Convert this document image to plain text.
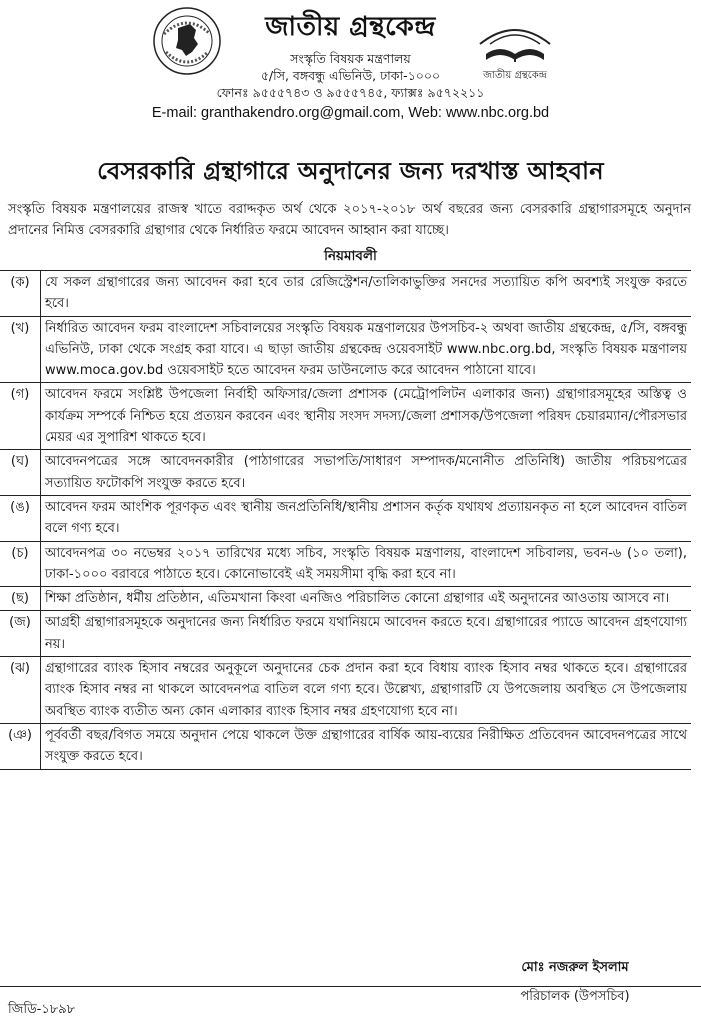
জাতীয় গ্রন্থকেন্দ্র

সংস্কৃতি বিষয়ক মন্ত্রণালয়

৫/সি, বঙ্গবন্ধু এভিনিউ, ঢাকা-১০০০

ফোনঃ ৯৫৫৫৭৪৩ ও ৯৫৫৫৭৪৫, ফ্যাক্সঃ ৯৫৭২২১১

E-mail: granthakendro.org@gmail.com, Web: www.nbc.org.bd

জাতীয় গ্রন্থকেন্দ্র
বেসরকারি গ্রন্থাগারে অনুদানের জন্য দরখাস্ত আহবান

সংস্কৃতি বিষয়ক মন্ত্রণালয়ের রাজস্ব খাতে বরাদ্দকৃত অর্থ থেকে ২০১৭-২০১৮ অর্থ বছরের জন্য বেসরকারি গ্রন্থাগারসমূহে অনুদান প্রদানের নিমিত্ত বেসরকারি গ্রন্থাগার থেকে নির্ধারিত ফরমে আবেদন আহ্বান করা যাচ্ছে।

নিয়মাবলী
(ক)	যে সকল গ্রন্থাগারের জন্য আবেদন করা হবে তার রেজিস্ট্রেশন/তালিকাভুক্তির সনদের সত্যায়িত কপি অবশ্যই সংযুক্ত করতে হবে।
(খ)	নির্ধারিত আবেদন ফরম বাংলাদেশ সচিবালয়ের সংস্কৃতি বিষয়ক মন্ত্রণালয়ের উপসচিব-২ অথবা জাতীয় গ্রন্থকেন্দ্র, ৫/সি, বঙ্গবন্ধু এভিনিউ, ঢাকা থেকে সংগ্রহ করা যাবে। এ ছাড়া জাতীয় গ্রন্থকেন্দ্র ওয়েবসাইট www.nbc.org.bd, সংস্কৃতি বিষয়ক মন্ত্রণালয় www.moca.gov.bd ওয়েবসাইট হতে আবেদন ফরম ডাউনলোড করে আবেদন পাঠানো যাবে।
(গ)	আবেদন ফরমে সংশ্লিষ্ট উপজেলা নির্বাহী অফিসার/জেলা প্রশাসক (মেট্রোপলিটন এলাকার জন্য) গ্রন্থাগারসমূহের অস্তিত্ব ও কার্যক্রম সম্পর্কে নিশ্চিত হয়ে প্রত্যয়ন করবেন এবং স্থানীয় সংসদ সদস্য/জেলা প্রশাসক/উপজেলা পরিষদ চেয়ারম্যান/পৌরসভার মেয়র এর সুপারিশ থাকতে হবে।
(ঘ)	আবেদনপত্রের সঙ্গে আবেদনকারীর (পাঠাগারের সভাপতি/সাধারণ সম্পাদক/মনোনীত প্রতিনিধি) জাতীয় পরিচয়পত্রের সত্যায়িত ফটোকপি সংযুক্ত করতে হবে।
(ঙ)	আবেদন ফরম আংশিক পূরণকৃত এবং স্থানীয় জনপ্রতিনিধি/স্থানীয় প্রশাসন কর্তৃক যথাযথ প্রত্যায়নকৃত না হলে আবেদন বাতিল বলে গণ্য হবে।
(চ)	আবেদনপত্র ৩০ নভেম্বর ২০১৭ তারিখের মধ্যে সচিব, সংস্কৃতি বিষয়ক মন্ত্রণালয়, বাংলাদেশ সচিবালয়, ভবন-৬ (১০ তলা), ঢাকা-১০০০ বরাবরে পাঠাতে হবে। কোনোভাবেই এই সময়সীমা বৃদ্ধি করা হবে না।
(ছ)	শিক্ষা প্রতিষ্ঠান, ধর্মীয় প্রতিষ্ঠান, এতিমখানা কিংবা এনজিও পরিচালিত কোনো গ্রন্থাগার এই অনুদানের আওতায় আসবে না।
(জ)	আগ্রহী গ্রন্থাগারসমূহকে অনুদানের জন্য নির্ধারিত ফরমে যথানিয়মে আবেদন করতে হবে। গ্রন্থাগারের প্যাডে আবেদন গ্রহণযোগ্য নয়।
(ঝ)	গ্রন্থাগারের ব্যাংক হিসাব নম্বরের অনুকূলে অনুদানের চেক প্রদান করা হবে বিধায় ব্যাংক হিসাব নম্বর থাকতে হবে। গ্রন্থাগারের ব্যাংক হিসাব নম্বর না থাকলে আবেদনপত্র বাতিল বলে গণ্য হবে। উল্লেখ্য, গ্রন্থাগারটি যে উপজেলায় অবস্থিত সে উপজেলায় অবস্থিত ব্যাংক ব্যতীত অন্য কোন এলাকার ব্যাংক হিসাব নম্বর গ্রহণযোগ্য হবে না।
(ঞ)	পূর্ববর্তী বছর/বিগত সময়ে অনুদান পেয়ে থাকলে উক্ত গ্রন্থাগারের বার্ষিক আয়-ব্যয়ের নিরীক্ষিত প্রতিবেদন আবেদনপত্রের সাথে সংযুক্ত করতে হবে।
মোঃ নজরুল ইসলাম
পরিচালক (উপসচিব)
জিডি-১৮৯৮
